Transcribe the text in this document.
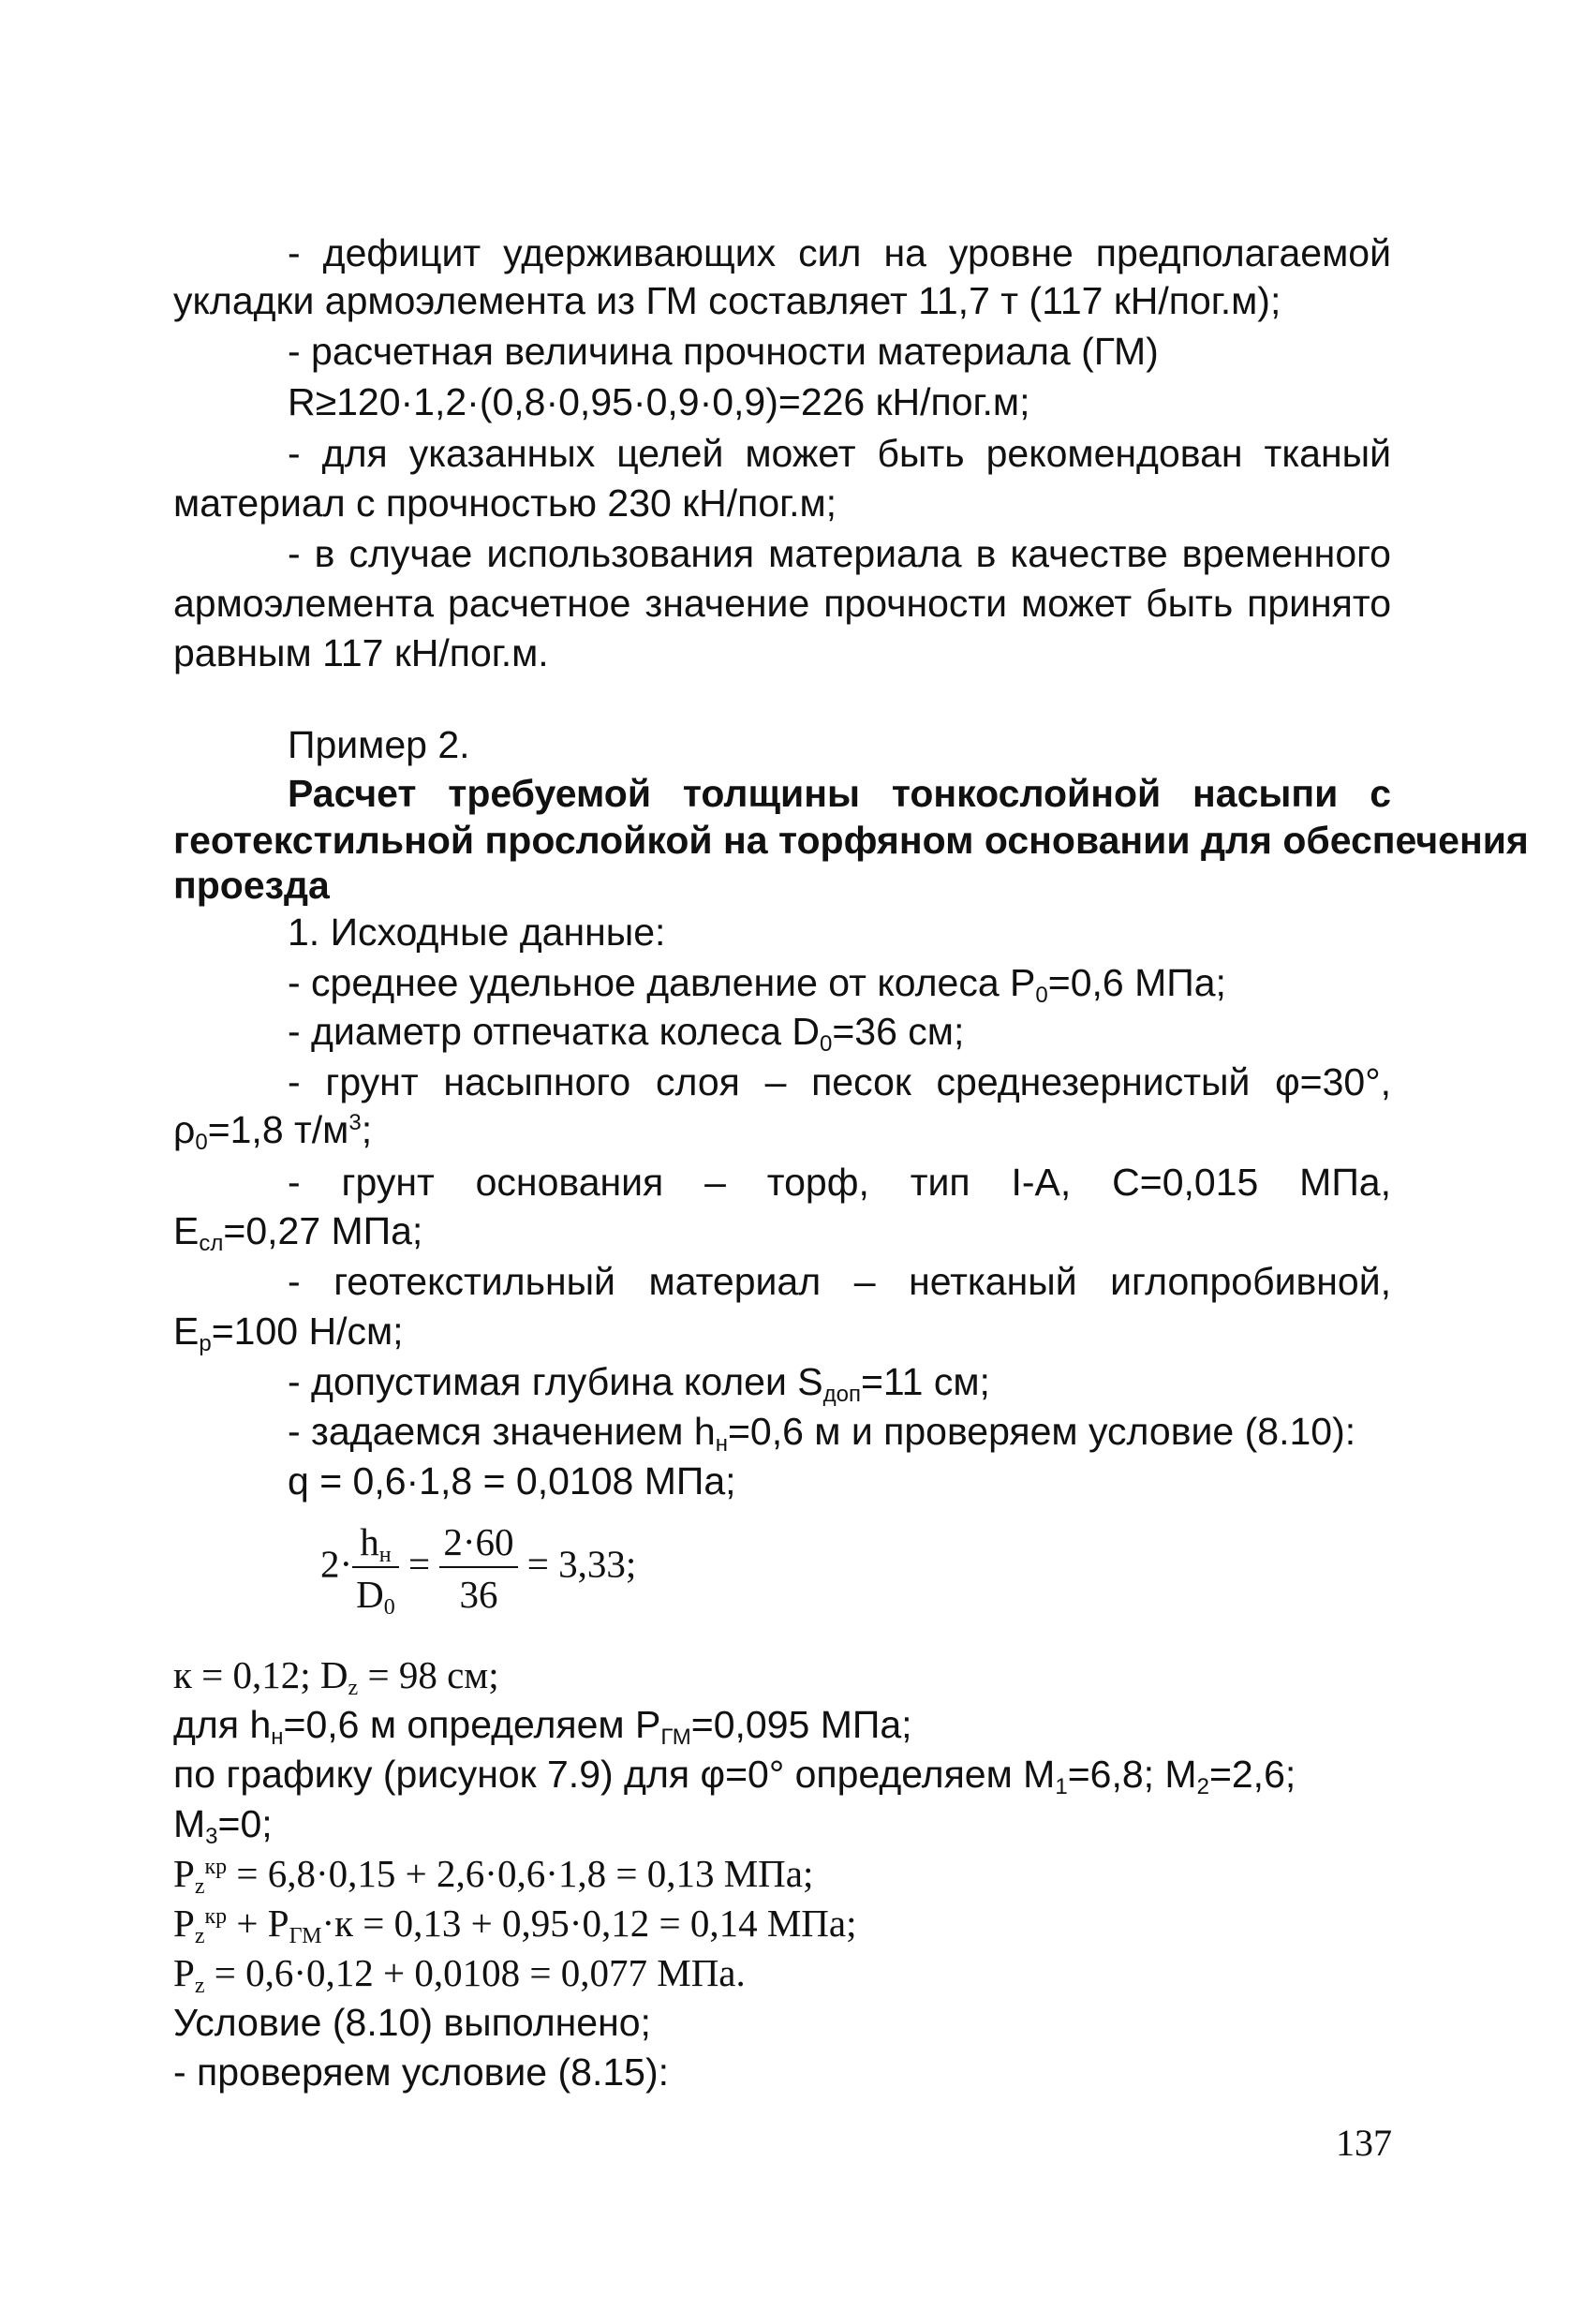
- дефицит удерживающих сил на уровне предполагаемой
укладки армоэлемента из ГМ составляет 11,7 т (117 кН/пог.м);
- расчетная величина прочности материала (ГМ)
R≥120·1,2·(0,8·0,95·0,9·0,9)=226 кН/пог.м;
- для указанных целей может быть рекомендован тканый
материал с прочностью 230 кН/пог.м;
- в случае использования материала в качестве временного
армоэлемента расчетное значение прочности может быть принято
равным 117 кН/пог.м.
Пример 2.
Расчет требуемой толщины тонкослойной насыпи с
геотекстильной прослойкой на торфяном основании для обеспечения
проезда
1. Исходные данные:
- среднее удельное давление от колеса $P_0=0,6$ МПа;
- диаметр отпечатка колеса $D_0=36$ см;
- грунт насыпного слоя – песок среднезернистый φ=30°,
$\rho_0=1,8$ $т/м^3$;
- грунт основания – торф, тип I-А, С=0,015 МПа,
$E_{сл}=0,27$ МПа;
- геотекстильный материал – нетканый иглопробивной,
$E_р=100$ Н/см;
- допустимая глубина колеи $S_{доп}=11$ см;
- задаемся значением $h_н=0,6$ м и проверяем условие (8.10):
q = 0,6·1,8 = 0,0108 МПа;
$2\cdot \frac{h_н}{D_0} = \frac{2\cdot 60}{36} = 3,33$;
к = 0,12; $D_z = 98$ см;
для $h_н=0,6$ м определяем $P_{ГМ}=0,095$ МПа;
по графику (рисунок 7.9) для φ=0° определяем $M_1=6,8$; $M_2=2,6$;
$M_3=0$;
$P_z^{кр} = 6,8\cdot 0,15 + 2,6\cdot 0,6\cdot 1,8 = 0,13$ МПа;
$P_z^{кр} + P_{ГМ}\cdot к = 0,13 + 0,95\cdot 0,12 = 0,14$ МПа;
$P_z = 0,6\cdot 0,12 + 0,0108 = 0,077$ МПа.
Условие (8.10) выполнено;
- проверяем условие (8.15):
137
